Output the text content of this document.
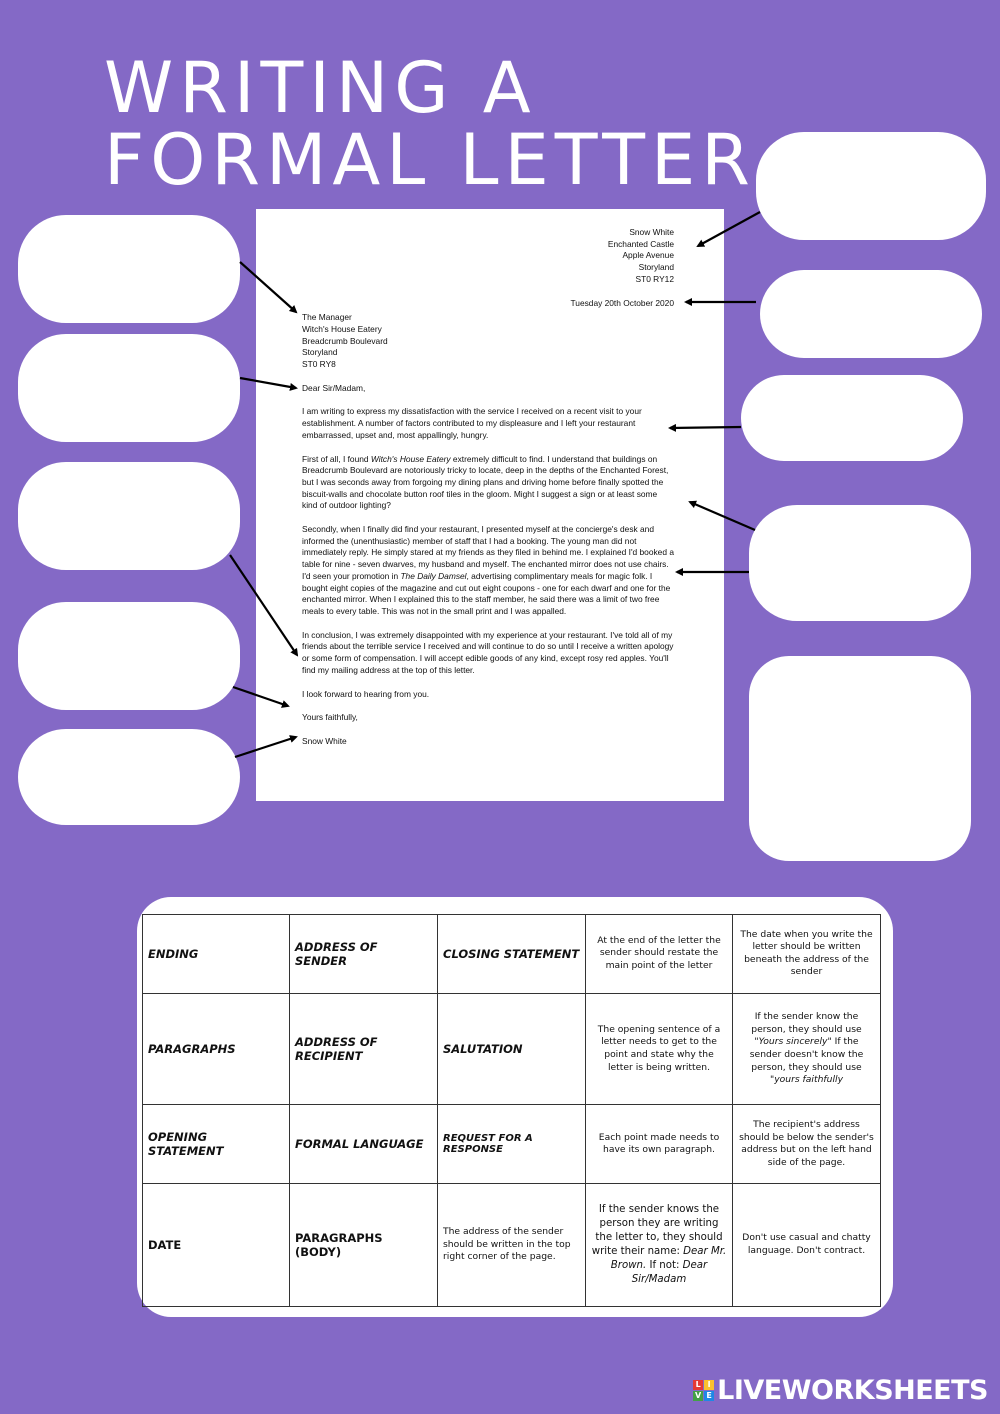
WRITING A
FORMAL LETTER
Snow White
Enchanted Castle
Apple Avenue
Storyland
ST0 RY12
Tuesday 20th October 2020
The Manager
Witch's House Eatery
Breadcrumb Boulevard
Storyland
ST0 RY8

Dear Sir/Madam,

I am writing to express my dissatisfaction with the service I received on a recent visit to your establishment. A number of factors contributed to my displeasure and I left your restaurant embarrassed, upset and, most appallingly, hungry.

First of all, I found Witch's House Eatery extremely difficult to find. I understand that buildings on Breadcrumb Boulevard are notoriously tricky to locate, deep in the depths of the Enchanted Forest, but I was seconds away from forgoing my dining plans and driving home before finally spotted the biscuit-walls and chocolate button roof tiles in the gloom. Might I suggest a sign or at least some kind of outdoor lighting?

Secondly, when I finally did find your restaurant, I presented myself at the concierge's desk and informed the (unenthusiastic) member of staff that I had a booking. The young man did not immediately reply. He simply stared at my friends as they filed in behind me. I explained I'd booked a table for nine - seven dwarves, my husband and myself. The enchanted mirror does not use chairs. I'd seen your promotion in The Daily Damsel, advertising complimentary meals for magic folk. I bought eight copies of the magazine and cut out eight coupons - one for each dwarf and one for the enchanted mirror. When I explained this to the staff member, he said there was a limit of two free meals to every table. This was not in the small print and I was appalled.

In conclusion, I was extremely disappointed with my experience at your restaurant. I've told all of my friends about the terrible service I received and will continue to do so until I receive a written apology or some form of compensation. I will accept edible goods of any kind, except rosy red apples. You'll find my mailing address at the top of this letter.

I look forward to hearing from you.

Yours faithfully,

Snow White

ENDING	ADDRESS OF SENDER	CLOSING STATEMENT	At the end of the letter the sender should restate the main point of the letter	The date when you write the letter should be written beneath the address of the sender
PARAGRAPHS	ADDRESS OF RECIPIENT	SALUTATION	The opening sentence of a letter needs to get to the point and state why the letter is being written.	If the sender know the person, they should use "Yours sincerely" If the sender doesn't know the person, they should use "yours faithfully
OPENING STATEMENT	FORMAL LANGUAGE	REQUEST FOR A RESPONSE	Each point made needs to have its own paragraph.	The recipient's address should be below the sender's address but on the left hand side of the page.
DATE	PARAGRAPHS (BODY)	The address of the sender should be written in the top right corner of the page.	If the sender knows the person they are writing the letter to, they should write their name: Dear Mr. Brown. If not: Dear Sir/Madam	Don't use casual and chatty language. Don't contract.
L I
V E LIVEWORKSHEETS
